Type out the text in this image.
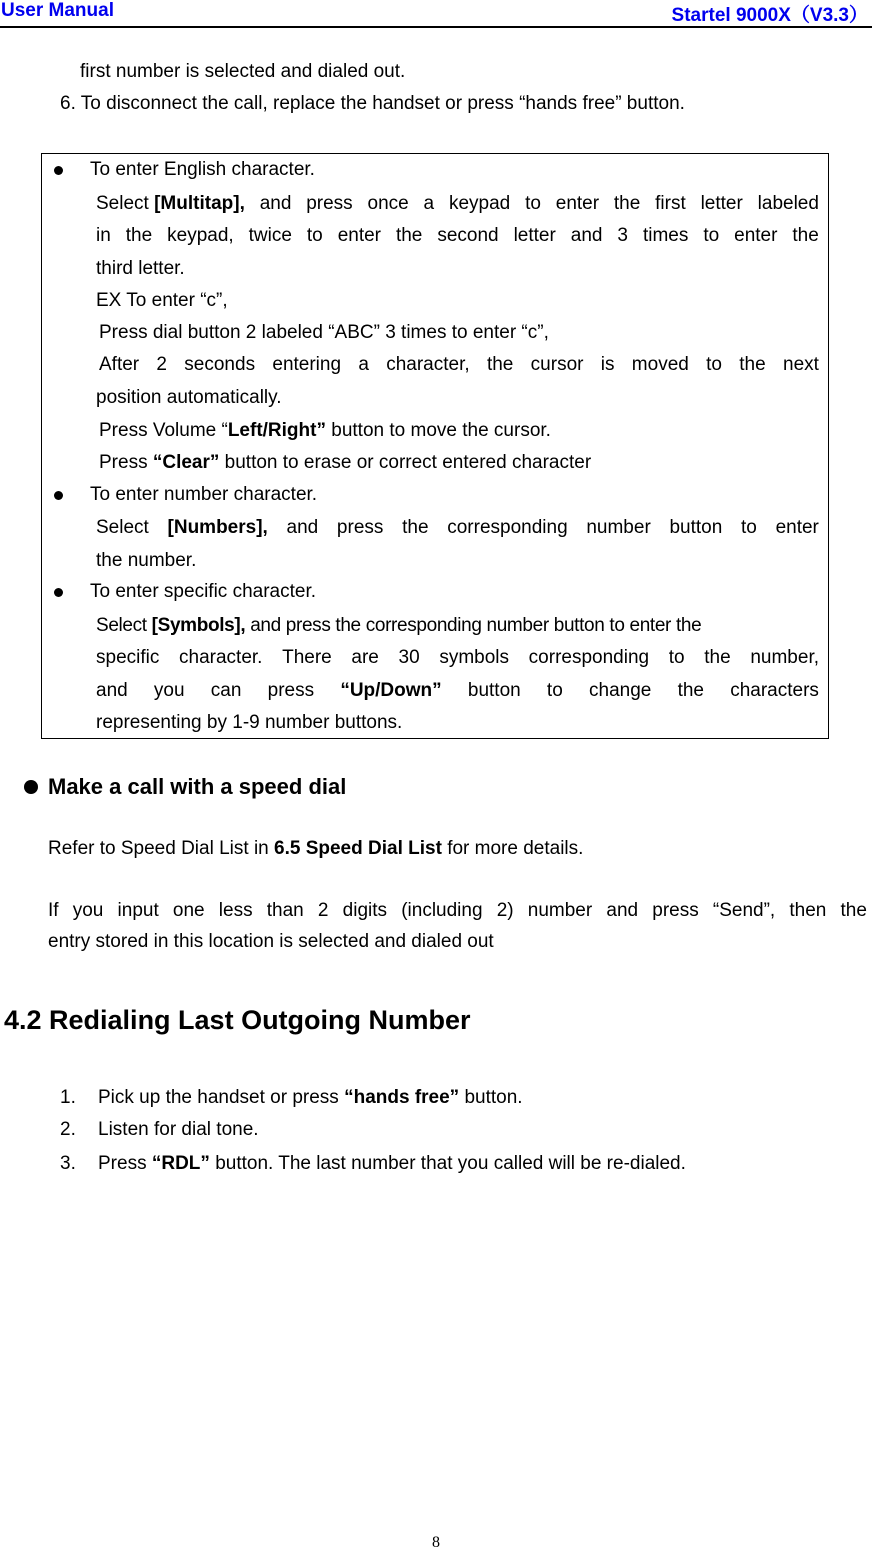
User Manual	Startel 9000X（V3.3）
first number is selected and dialed out.
6. To disconnect the call, replace the handset or press “hands free” button.
To enter English character.
Select [Multitap], and press once a keypad to enter the first letter labeled
in the keypad, twice to enter the second letter and 3 times to enter the
third letter.
EX To enter “c”,
Press dial button 2 labeled “ABC” 3 times to enter “c”,
After 2 seconds entering a character, the cursor is moved to the next
position automatically.
Press Volume “Left/Right” button to move the cursor.
Press “Clear” button to erase or correct entered character
To enter number character.
Select [Numbers], and press the corresponding number button to enter
the number.
To enter specific character.
Select [Symbols], and press the corresponding number button to enter the
specific character. There are 30 symbols corresponding to the number,
and you can press “Up/Down” button to change the characters
representing by 1-9 number buttons.
Make a call with a speed dial
Refer to Speed Dial List in 6.5 Speed Dial List for more details.
If you input one less than 2 digits (including 2) number and press “Send”, then the
entry stored in this location is selected and dialed out
4.2 Redialing Last Outgoing Number
1. Pick up the handset or press “hands free” button.
2. Listen for dial tone.
3. Press “RDL” button. The last number that you called will be re-dialed.
8
